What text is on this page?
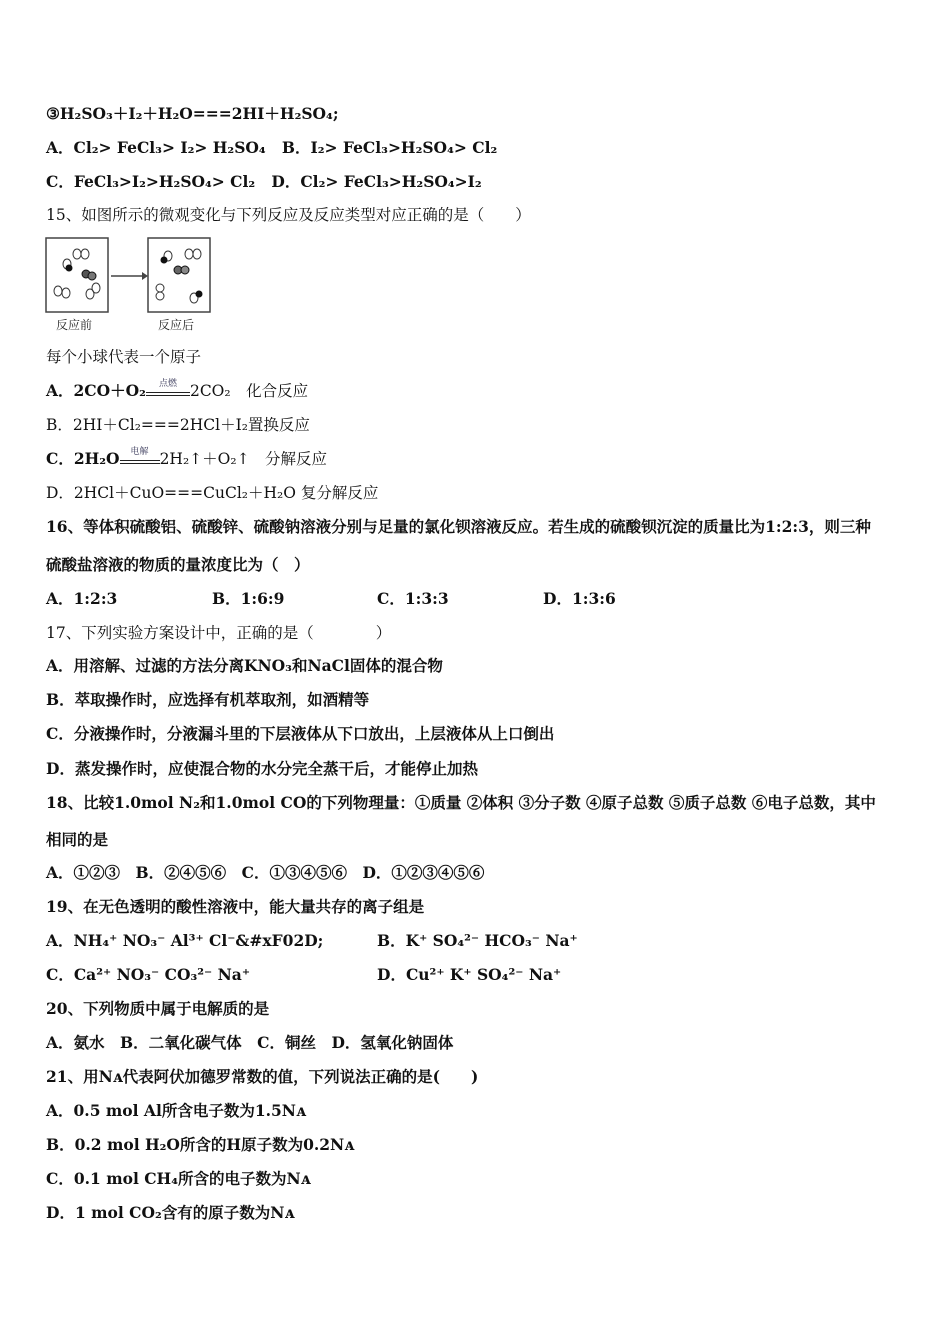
③H₂SO₃＋I₂＋H₂O===2HI＋H₂SO₄;
A．Cl₂> FeCl₃> I₂> H₂SO₄ B．I₂> FeCl₃>H₂SO₄> Cl₂
C．FeCl₃>I₂>H₂SO₄> Cl₂ D．Cl₂> FeCl₃>H₂SO₄>I₂
15、如图所示的微观变化与下列反应及反应类型对应正确的是（　　）
反应前	反应后
每个小球代表一个原子
A．2CO＋O₂	点燃 2CO₂　化合反应
B．2HI＋Cl₂===2HCl＋I₂置换反应
C．2H₂O	电解 2H₂↑＋O₂↑　分解反应
D．2HCl＋CuO===CuCl₂＋H₂O 复分解反应
16、等体积硫酸铝、硫酸锌、硫酸钠溶液分别与足量的氯化钡溶液反应。若生成的硫酸钡沉淀的质量比为1:2:3，则三种
硫酸盐溶液的物质的量浓度比为（　）
A．1:2:3	B．1:6:9	C．1:3:3	D．1:3:6
17、下列实验方案设计中，正确的是（　　　　）
A．用溶解、过滤的方法分离KNO₃和NaCl固体的混合物
B．萃取操作时，应选择有机萃取剂，如酒精等
C．分液操作时，分液漏斗里的下层液体从下口放出，上层液体从上口倒出
D．蒸发操作时，应使混合物的水分完全蒸干后，才能停止加热
18、比较1.0mol N₂和1.0mol CO的下列物理量：①质量 ②体积 ③分子数 ④原子总数 ⑤质子总数 ⑥电子总数，其中
相同的是
A．①②③　B．②④⑤⑥　C．①③④⑤⑥　D．①②③④⑤⑥
19、在无色透明的酸性溶液中，能大量共存的离子组是
A．NH₄⁺ NO₃⁻ Al³⁺ Cl⁻&#xF02D;	B．K⁺ SO₄²⁻ HCO₃⁻ Na⁺
C．Ca²⁺ NO₃⁻ CO₃²⁻ Na⁺	D．Cu²⁺ K⁺ SO₄²⁻ Na⁺
20、下列物质中属于电解质的是
A．氨水　B．二氧化碳气体　C．铜丝　D．氢氧化钠固体
21、用Nᴀ代表阿伏加德罗常数的值，下列说法正确的是(　　)
A．0.5 mol Al所含电子数为1.5Nᴀ
B．0.2 mol H₂O所含的H原子数为0.2Nᴀ
C．0.1 mol CH₄所含的电子数为Nᴀ
D．1 mol CO₂含有的原子数为Nᴀ
